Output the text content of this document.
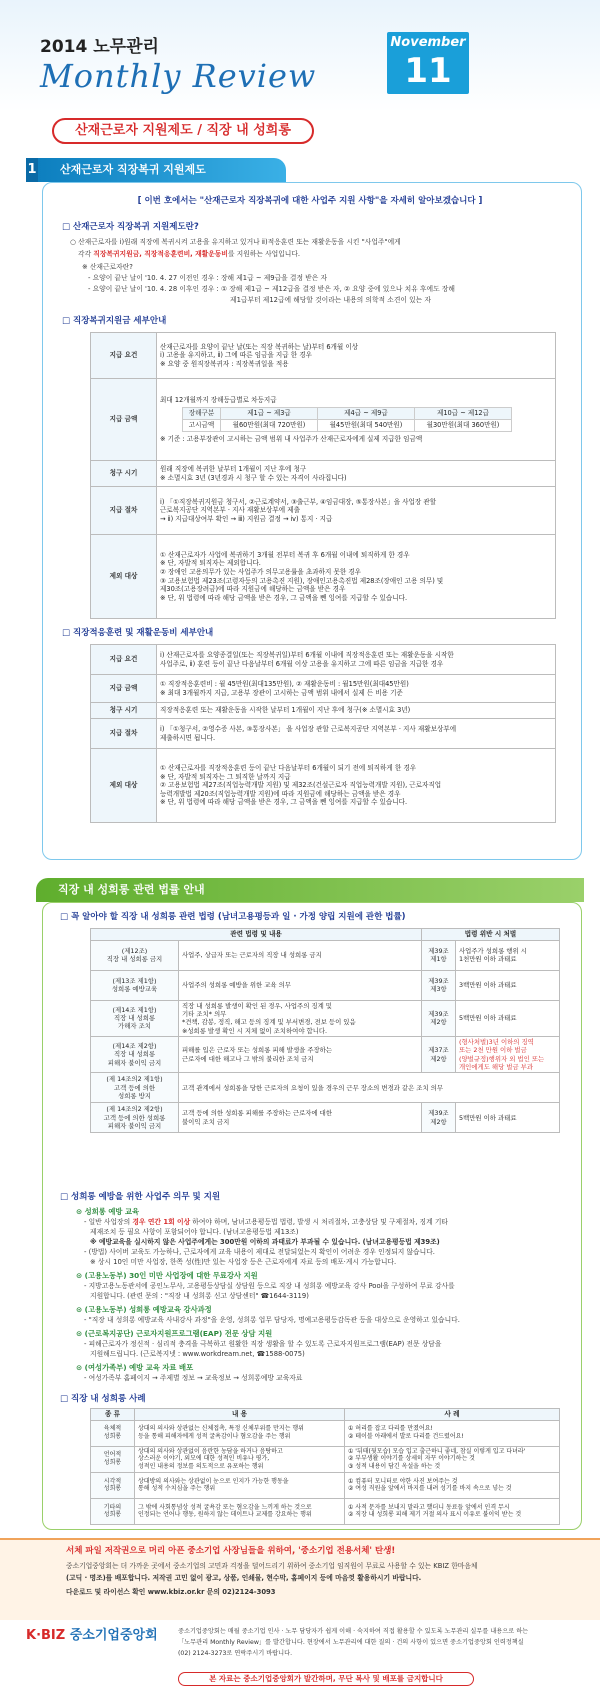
2014 노무관리
Monthly Review
November
11
산재근로자 지원제도 / 직장 내 성희롱
1	산재근로자 직장복귀 지원제도
[ 이번 호에서는 "산재근로자 직장복귀에 대한 사업주 지원 사항"을 자세히 알아보겠습니다 ]
□ 산재근로자 직장복귀 지원제도란?
○ 산재근로자를 ⅰ)원래 직장에 복귀시켜 고용을 유지하고 있거나 ⅱ)적응훈련 또는 재활운동을 시킨 "사업주"에게
각각 직장복귀지원금, 직장적응훈련비, 재활운동비를 지원하는 사업입니다.
※ 산재근로자란?
- 요양이 끝난 날이 '10. 4. 27 이전인 경우 : 장해 제1급 ~ 제9급을 결정 받은 자
- 요양이 끝난 날이 '10. 4. 28 이후인 경우 : ① 장해 제1급 ~ 제12급을 결정 받은 자, ② 요양 중에 있으나 치유 후에도 장해
제1급부터 제12급에 해당할 것이라는 내용의 의학적 소견이 있는 자
□ 직장복귀지원금 세부안내
지급 요건	
산재근로자를 요양이 끝난 날(또는 직장 복귀하는 날)부터 6개월 이상
ⅰ) 고용을 유지하고, ⅱ) 그에 따른 임금을 지급 한 경우
※ 요양 중 원직장복귀자 : 직장복귀일을 적용

지급 금액	
최대 12개월까지 장해등급별로 차등지급
장해구분	제1급 ~ 제3급	제4급 ~ 제9급	제10급 ~ 제12급
고시금액	월60만원(최대 720만원)	월45만원(최대 540만원)	월30만원(최대 360만원)
※ 기준 : 고용부장관이 고시하는 금액 범위 내 사업주가 산재근로자에게 실제 지급한 임금액

청구 시기	
원래 직장에 복귀한 날부터 1개월이 지난 후에 청구
※ 소멸시효 3년 (3년경과 시 청구 할 수 있는 자격이 사라집니다)

지급 절차	
ⅰ) 「①직장복귀지원금 청구서, ②근로계약서, ③출근부, ④임금대장, ⑤통장사본」을 사업장 관할
근로복지공단 지역본부 · 지사 재활보상부에 제출
→ ⅱ) 지급대상여부 확인 → ⅲ) 지원금 결정 → ⅳ) 통지 · 지급

제외 대상	
① 산재근로자가 사업에 복귀하기 3개월 전부터 복귀 후 6개월 이내에 퇴직하게 한 경우
※ 단, 자발적 퇴직자는 제외합니다.
② 장애인 고용의무가 있는 사업주가 의무고용률을 초과하지 못한 경우
③ 고용보험법 제23조(고령자등의 고용촉진 지원), 장애인고용촉진법 제28조(장애인 고용 의무) 및
제30조(고용장려금)에 따라 지원금에 해당하는 금액을 받은 경우
※ 단, 위 법령에 따라 해당 금액을 받은 경우, 그 금액을 뺀 잉여를 지급할 수 있습니다.
□ 직장적응훈련 및 재활운동비 세부안내
지급 요건	ⅰ) 산재근로자를 요양종결일(또는 직장복귀일)부터 6개월 이내에 직장적응훈련 또는 재활운동을 시작한
사업주로, ⅱ) 훈련 등이 끝난 다음날부터 6개월 이상 고용을 유지하고 그에 따른 임금을 지급한 경우

지급 금액	① 직장적응훈련비 : 월 45만원(최대135만원), ② 재활운동비 : 월15만원(최대45만원)
※ 최대 3개월까지 지급, 고용부 장관이 고시하는 금액 범위 내에서 실제 든 비용 기준

청구 시기	직장적응훈련 또는 재활운동을 시작한 날부터 1개월이 지난 후에 청구(※ 소멸시효 3년)
지급 절차	ⅰ) 「①청구서, ②영수증 사본, ③통장사본」 을 사업장 관할 근로복지공단 지역본부 · 지사 재활보상부에
제출하시면 됩니다.

제외 대상	① 산재근로자를 직장적응훈련 등이 끝난 다음날부터 6개월이 되기 전에 퇴직하게 한 경우
※ 단, 자발적 퇴직자는 그 퇴직한 날까지 지급
② 고용보험법 제27조(직업능력개발 지원) 및 제32조(건설근로자 직업능력개발 지원), 근로자직업
능력개발법 제20조(직업능력개발 지원)에 따라 지원금에 해당하는 금액을 받은 경우
※ 단, 위 법령에 따라 해당 금액을 받은 경우, 그 금액을 뺀 잉여를 지급할 수 있습니다.
직장 내 성희롱 관련 법률 안내
□ 꼭 알아야 할 직장 내 성희롱 관련 법령 (남녀고용평등과 일 · 가정 양립 지원에 관한 법률)
관련 법령 및 내용		법령 위반 시 처벌	
(제12조)
직장 내 성희롱 금지	사업주, 상급자 또는 근로자의 직장 내 성희롱 금지	제39조
제1항	사업주가 성희롱 행위 시
1천만원 이하 과태료
(제13조 제1항)
성희롱 예방교육	사업주의 성희롱 예방을 위한 교육 의무	제39조
제3항	3백만원 이하 과태료
(제14조 제1항)
직장 내 성희롱
가해자 조치	직장 내 성희롱 발생이 확인 된 경우, 사업주의 징계 및
기타 조치* 의무
*견책, 감봉, 정직, 해고 등의 징계 및 부서변경, 전보 등이 있음
※성희롱 발생 확인 시 지체 없이 조치하여야 합니다.	제39조
제2항	5백만원 이하 과태료
(제14조 제2항)
직장 내 성희롱
피해자 불이익 금지	피해를 입은 근로자 또는 성희롱 피해 발생을 주장하는
근로자에 대한 해고나 그 밖의 불리한 조치 금지	제37조
제2항	(형사처벌)3년 이하의 징역
또는 2천 만원 이하 벌금
(양벌규정)행위자 외 법인 또는
개인에게도 해당 벌금 부과
(제 14조의2 제1항)
고객 등에 의한
성희롱 방지	고객 관계에서 성희롱을 당한 근로자의 요청이 있을 경우의 근무 장소의 변경과 같은 조치 의무		
(제 14조의2 제2항)
고객 등에 의한 성희롱
피해자 불이익 금지	고객 등에 의한 성희롱 피해를 주장하는 근로자에 대한
불이익 조치 금지	제39조
제2항	5백만원 이하 과태료
□ 성희롱 예방을 위한 사업주 의무 및 지원
⊙ 성희롱 예방 교육
- 일반 사업장의 경우 연간 1회 이상 하여야 하며, 남녀고용평등법 법령, 발생 시 처리절차, 고충상담 및 구제절차, 징계 기타
제재조치 등 필요 사항이 포함되어야 합니다. (남녀고용평등법 제13조)
※ 예방교육을 실시하지 않은 사업주에게는 300만원 이하의 과태료가 부과될 수 있습니다. (남녀고용평등법 제39조)
- (방법) 사이버 교육도 가능하나, 근로자에게 교육 내용이 제대로 전달되었는지 확인이 어려운 경우 인정되지 않습니다.
※ 상시 10인 미만 사업장, 한쪽 성(性)만 있는 사업장 등은 근로자에게 자료 등의 배포·게시 가능합니다.
⊙ (고용노동부) 30인 미만 사업장에 대한 무료강사 지원
- 지방고용노동관서에 공인노무사, 고용평등상담실 상담원 등으로 직장 내 성희롱 예방교육 강사 Pool을 구성하여 무료 강사를
지원합니다. (관련 문의 : "직장 내 성희롱 신고 상담센터" ☎1644-3119)
⊙ (고용노동부) 성희롱 예방교육 강사과정
- "직장 내 성희롱 예방교육 사내강사 과정"을 운영, 성희롱 업무 담당자, 명예고용평등감독관 등을 대상으로 운영하고 있습니다.
⊙ (근로복지공단) 근로자지원프로그램(EAP) 전문 상담 지원
- 피해근로자가 정신적 · 심리적 충격을 극복하고 원활한 직장 생활을 할 수 있도록 근로자지원프로그램(EAP) 전문 상담을
지원해드립니다. (근로복지넷 : www.workdream.net, ☎1588-0075)
⊙ (여성가족부) 예방 교육 자료 배포
- 여성가족부 홈페이지 → 주제별 정보 → 교육정보 → 성희롱예방 교육자료
□ 직장 내 성희롱 사례
종 류	내 용	사 례
육체적
성희롱	상대의 의사와 상관없는 신체접촉, 특정 신체부위를 만지는 행위
등을 통해 피해자에게 성적 굴욕감이나 혐오감을 주는 행위	① 허리를 잡고 다리를 만졌어요!
② 테이블 아래에서 발로 다리를 건드렸어요!
언어적
성희롱	상대의 의사와 상관없이 음란한 농담을 하거나 음탕하고
상스러운 이야기, 외모에 대한 성적인 비유나 평가,
성적인 내용의 정보를 의도적으로 유포하는 행위	① '뒤태(뒷모습) 모습 입고 출근하니 좋네, 참실 이렇게 입고 다녀라'
② 부부생활 이야기를 상세히 자꾸 이야기하는 것
③ 성적 내용이 담긴 옥설을 하는 것
시각적
성희롱	상대방의 의사와는 상관없이 눈으로 인지가 가능한 행동을
통해 성적 수치심을 주는 행위	① 컴퓨터 모니터로 야한 사진 보여주는 것
② 여성 직원을 앞에서 바지를 내려 성기를 바지 속으로 넣는 것
기타의
성희롱	그 밖에 사회통념상 성적 굴욕감 또는 혐오감을 느끼게 하는 것으로
인정되는 언어나 행동, 원하지 않는 데이트나 교제를 강요하는 행위	① 사적 문자를 보내지 말라고 했더니 동료들 앞에서 인격 무시
② 직장 내 성희롱 피해 제기 거절 의사 표시 이유로 불이익 받는 것
서체 파일 저작권으로 머리 아픈 중소기업 사장님들을 위하여, '중소기업 전용서체' 탄생!
중소기업중앙회는 더 가까운 곳에서 중소기업의 고민과 걱정을 덜어드리기 위하여 중소기업 임직원이 무료로 사용할 수 있는 KBIZ 한마음체
(고딕 · 명조)를 배포합니다. 저작권 고민 없이 광고, 상품, 인쇄물, 현수막, 홈페이지 등에 마음껏 활용하시기 바랍니다.
다운로드 및 라이선스 확인 www.kbiz.or.kr 문의 02)2124-3093
K·BIZ 중소기업중앙회	중소기업중앙회는 매월 중소기업 인사 · 노무 담당자가 쉽게 이해 · 숙지하여 직접 활용할 수 있도록 노무관리 실무를 내용으로 하는
「노무관리 Monthly Review」를 발간합니다. 현장에서 노무관리에 대한 질의 · 건의 사항이 있으면 중소기업중앙회 인력정책실
(02) 2124-3273로 연락주시기 바랍니다.
본 자료는 중소기업중앙회가 발간하며, 무단 복사 및 배포를 금지합니다
